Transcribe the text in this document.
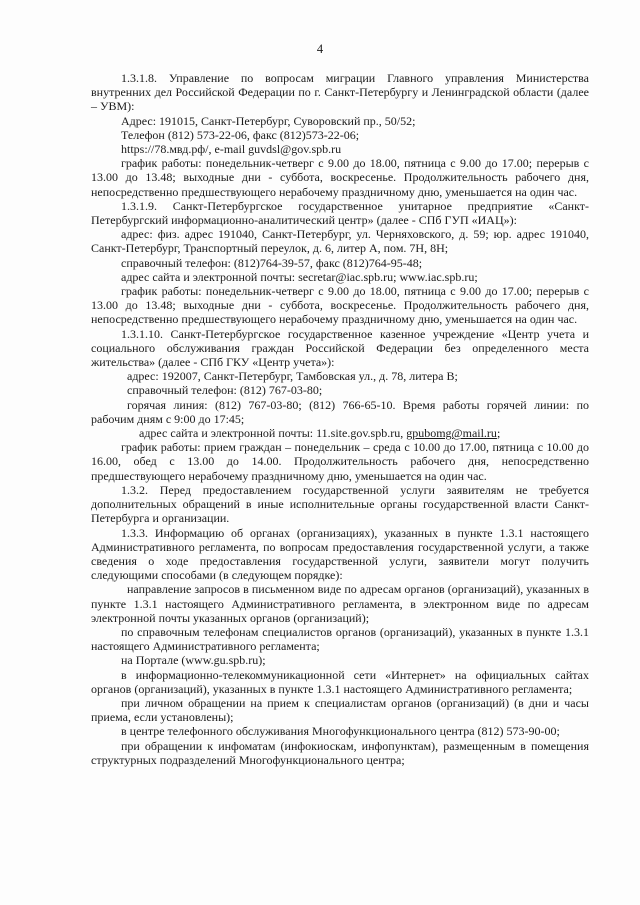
4

1.3.1.8. Управление по вопросам миграции Главного управления Министерства внутренних дел Российской Федерации по г. Санкт-Петербургу и Ленинградской области (далее – УВМ):

Адрес: 191015, Санкт-Петербург, Суворовский пр., 50/52;

Телефон (812) 573-22-06, факс (812)573-22-06;

https://78.мвд.рф/, e-mail guvdsl@gov.spb.ru

график работы: понедельник-четверг с 9.00 до 18.00, пятница с 9.00 до 17.00; перерыв с 13.00 до 13.48; выходные дни - суббота, воскресенье. Продолжительность рабочего дня, непосредственно предшествующего нерабочему праздничному дню, уменьшается на один час.

1.3.1.9. Санкт-Петербургское государственное унитарное предприятие «Санкт-Петербургский информационно-аналитический центр» (далее - СПб ГУП «ИАЦ»):

адрес: физ. адрес 191040, Санкт-Петербург, ул. Черняховского, д. 59; юр. адрес 191040, Санкт-Петербург, Транспортный переулок, д. 6, литер А, пом. 7Н, 8Н;

справочный телефон: (812)764-39-57, факс (812)764-95-48;

адрес сайта и электронной почты: secretar@iac.spb.ru; www.iac.spb.ru;

график работы: понедельник-четверг с 9.00 до 18.00, пятница с 9.00 до 17.00; перерыв с 13.00 до 13.48; выходные дни - суббота, воскресенье. Продолжительность рабочего дня, непосредственно предшествующего нерабочему праздничному дню, уменьшается на один час.

1.3.1.10. Санкт-Петербургское государственное казенное учреждение «Центр учета и социального обслуживания граждан Российской Федерации без определенного места жительства» (далее - СПб ГКУ «Центр учета»):

адрес: 192007, Санкт-Петербург, Тамбовская ул., д. 78, литера В;

справочный телефон: (812) 767-03-80;

горячая линия: (812) 767-03-80; (812) 766-65-10. Время работы горячей линии: по рабочим дням с 9:00 до 17:45;

адрес сайта и электронной почты: 11.site.gov.spb.ru, gpubomg@mail.ru;

график работы: прием граждан – понедельник – среда с 10.00 до 17.00, пятница с 10.00 до 16.00, обед с 13.00 до 14.00. Продолжительность рабочего дня, непосредственно предшествующего нерабочему праздничному дню, уменьшается на один час.

1.3.2. Перед предоставлением государственной услуги заявителям не требуется дополнительных обращений в иные исполнительные органы государственной власти Санкт-Петербурга и организации.

1.3.3. Информацию об органах (организациях), указанных в пункте 1.3.1 настоящего Административного регламента, по вопросам предоставления государственной услуги, а также сведения о ходе предоставления государственной услуги, заявители могут получить следующими способами (в следующем порядке):

направление запросов в письменном виде по адресам органов (организаций), указанных в пункте 1.3.1 настоящего Административного регламента, в электронном виде по адресам электронной почты указанных органов (организаций);

по справочным телефонам специалистов органов (организаций), указанных в пункте 1.3.1 настоящего Административного регламента;

на Портале (www.gu.spb.ru);

в информационно-телекоммуникационной сети «Интернет» на официальных сайтах органов (организаций), указанных в пункте 1.3.1 настоящего Административного регламента;

при личном обращении на прием к специалистам органов (организаций) (в дни и часы приема, если установлены);

в центре телефонного обслуживания Многофункционального центра (812) 573-90-00;

при обращении к инфоматам (инфокиоскам, инфопунктам), размещенным в помещения структурных подразделений Многофункционального центра;
